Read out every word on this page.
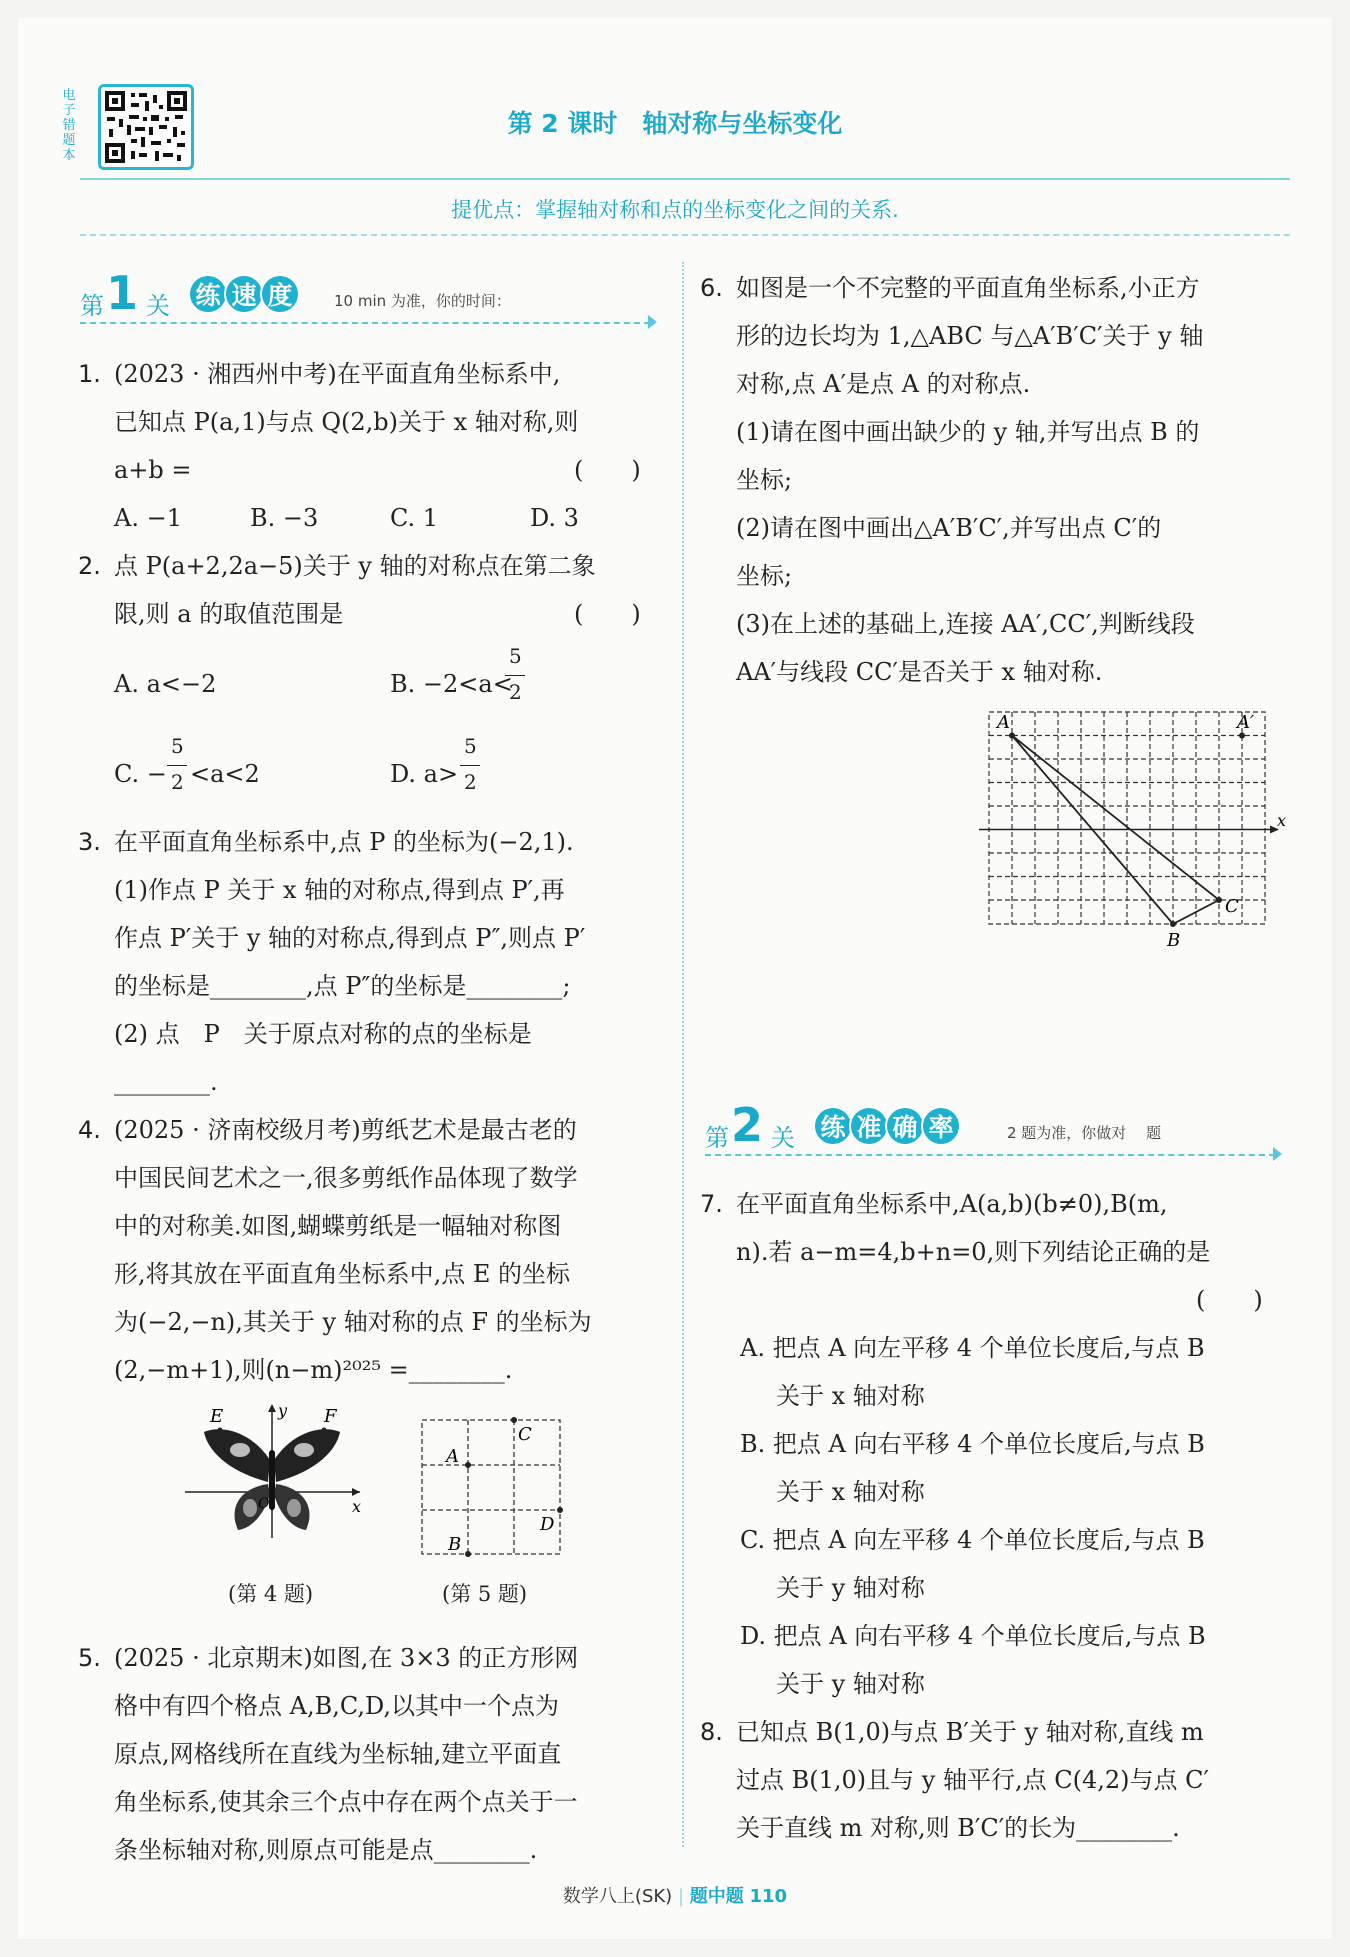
电子错题本
第 2 课时　轴对称与坐标变化
提优点：掌握轴对称和点的坐标变化之间的关系.
第 1 关 练 速 度	10 min 为准，你的时间：
1. (2023 · 湘西州中考)在平面直角坐标系中,
已知点 P(a,1)与点 Q(2,b)关于 x 轴对称,则
a+b =	(　　)
A. −1	B. −3	C. 1	D. 3
2. 点 P(a+2,2a−5)关于 y 轴的对称点在第二象
限,则 a 的取值范围是	(　　)
A. a<−2	B. −2<a<
5
2
C. −
5
2 <a<2	D. a>
5
2
3. 在平面直角坐标系中,点 P 的坐标为(−2,1).
(1)作点 P 关于 x 轴的对称点,得到点 P′,再
作点 P′关于 y 轴的对称点,得到点 P″,则点 P′
的坐标是________,点 P″的坐标是________;
(2) 点　P　关于原点对称的点的坐标是
________.
4. (2025 · 济南校级月考)剪纸艺术是最古老的
中国民间艺术之一,很多剪纸作品体现了数学
中的对称美.如图,蝴蝶剪纸是一幅轴对称图
形,将其放在平面直角坐标系中,点 E 的坐标
为(−2,−n),其关于 y 轴对称的点 F 的坐标为
(2,−m+1),则(n−m)²⁰²⁵ =________.
E	F
x
y
O
(第 4 题)
A
C
B
D
(第 5 题)
5. (2025 · 北京期末)如图,在 3×3 的正方形网
格中有四个格点 A,B,C,D,以其中一个点为
原点,网格线所在直线为坐标轴,建立平面直
角坐标系,使其余三个点中存在两个点关于一
条坐标轴对称,则原点可能是点________.
6. 如图是一个不完整的平面直角坐标系,小正方
形的边长均为 1,△ABC 与△A′B′C′关于 y 轴
对称,点 A′是点 A 的对称点.
(1)请在图中画出缺少的 y 轴,并写出点 B 的
坐标;
(2)请在图中画出△A′B′C′,并写出点 C′的
坐标;
(3)在上述的基础上,连接 AA′,CC′,判断线段
AA′与线段 CC′是否关于 x 轴对称.
A	A′
B
C
x
第 2 关 练 准 确 率	2 题为准，你做对　 题
7. 在平面直角坐标系中,A(a,b)(b≠0),B(m,
n).若 a−m=4,b+n=0,则下列结论正确的是
(　　)
A. 把点 A 向左平移 4 个单位长度后,与点 B
关于 x 轴对称
B. 把点 A 向右平移 4 个单位长度后,与点 B
关于 x 轴对称
C. 把点 A 向左平移 4 个单位长度后,与点 B
关于 y 轴对称
D. 把点 A 向右平移 4 个单位长度后,与点 B
关于 y 轴对称
8. 已知点 B(1,0)与点 B′关于 y 轴对称,直线 m
过点 B(1,0)且与 y 轴平行,点 C(4,2)与点 C′
关于直线 m 对称,则 B′C′的长为________.
数学八上(SK) | 题中题 110
